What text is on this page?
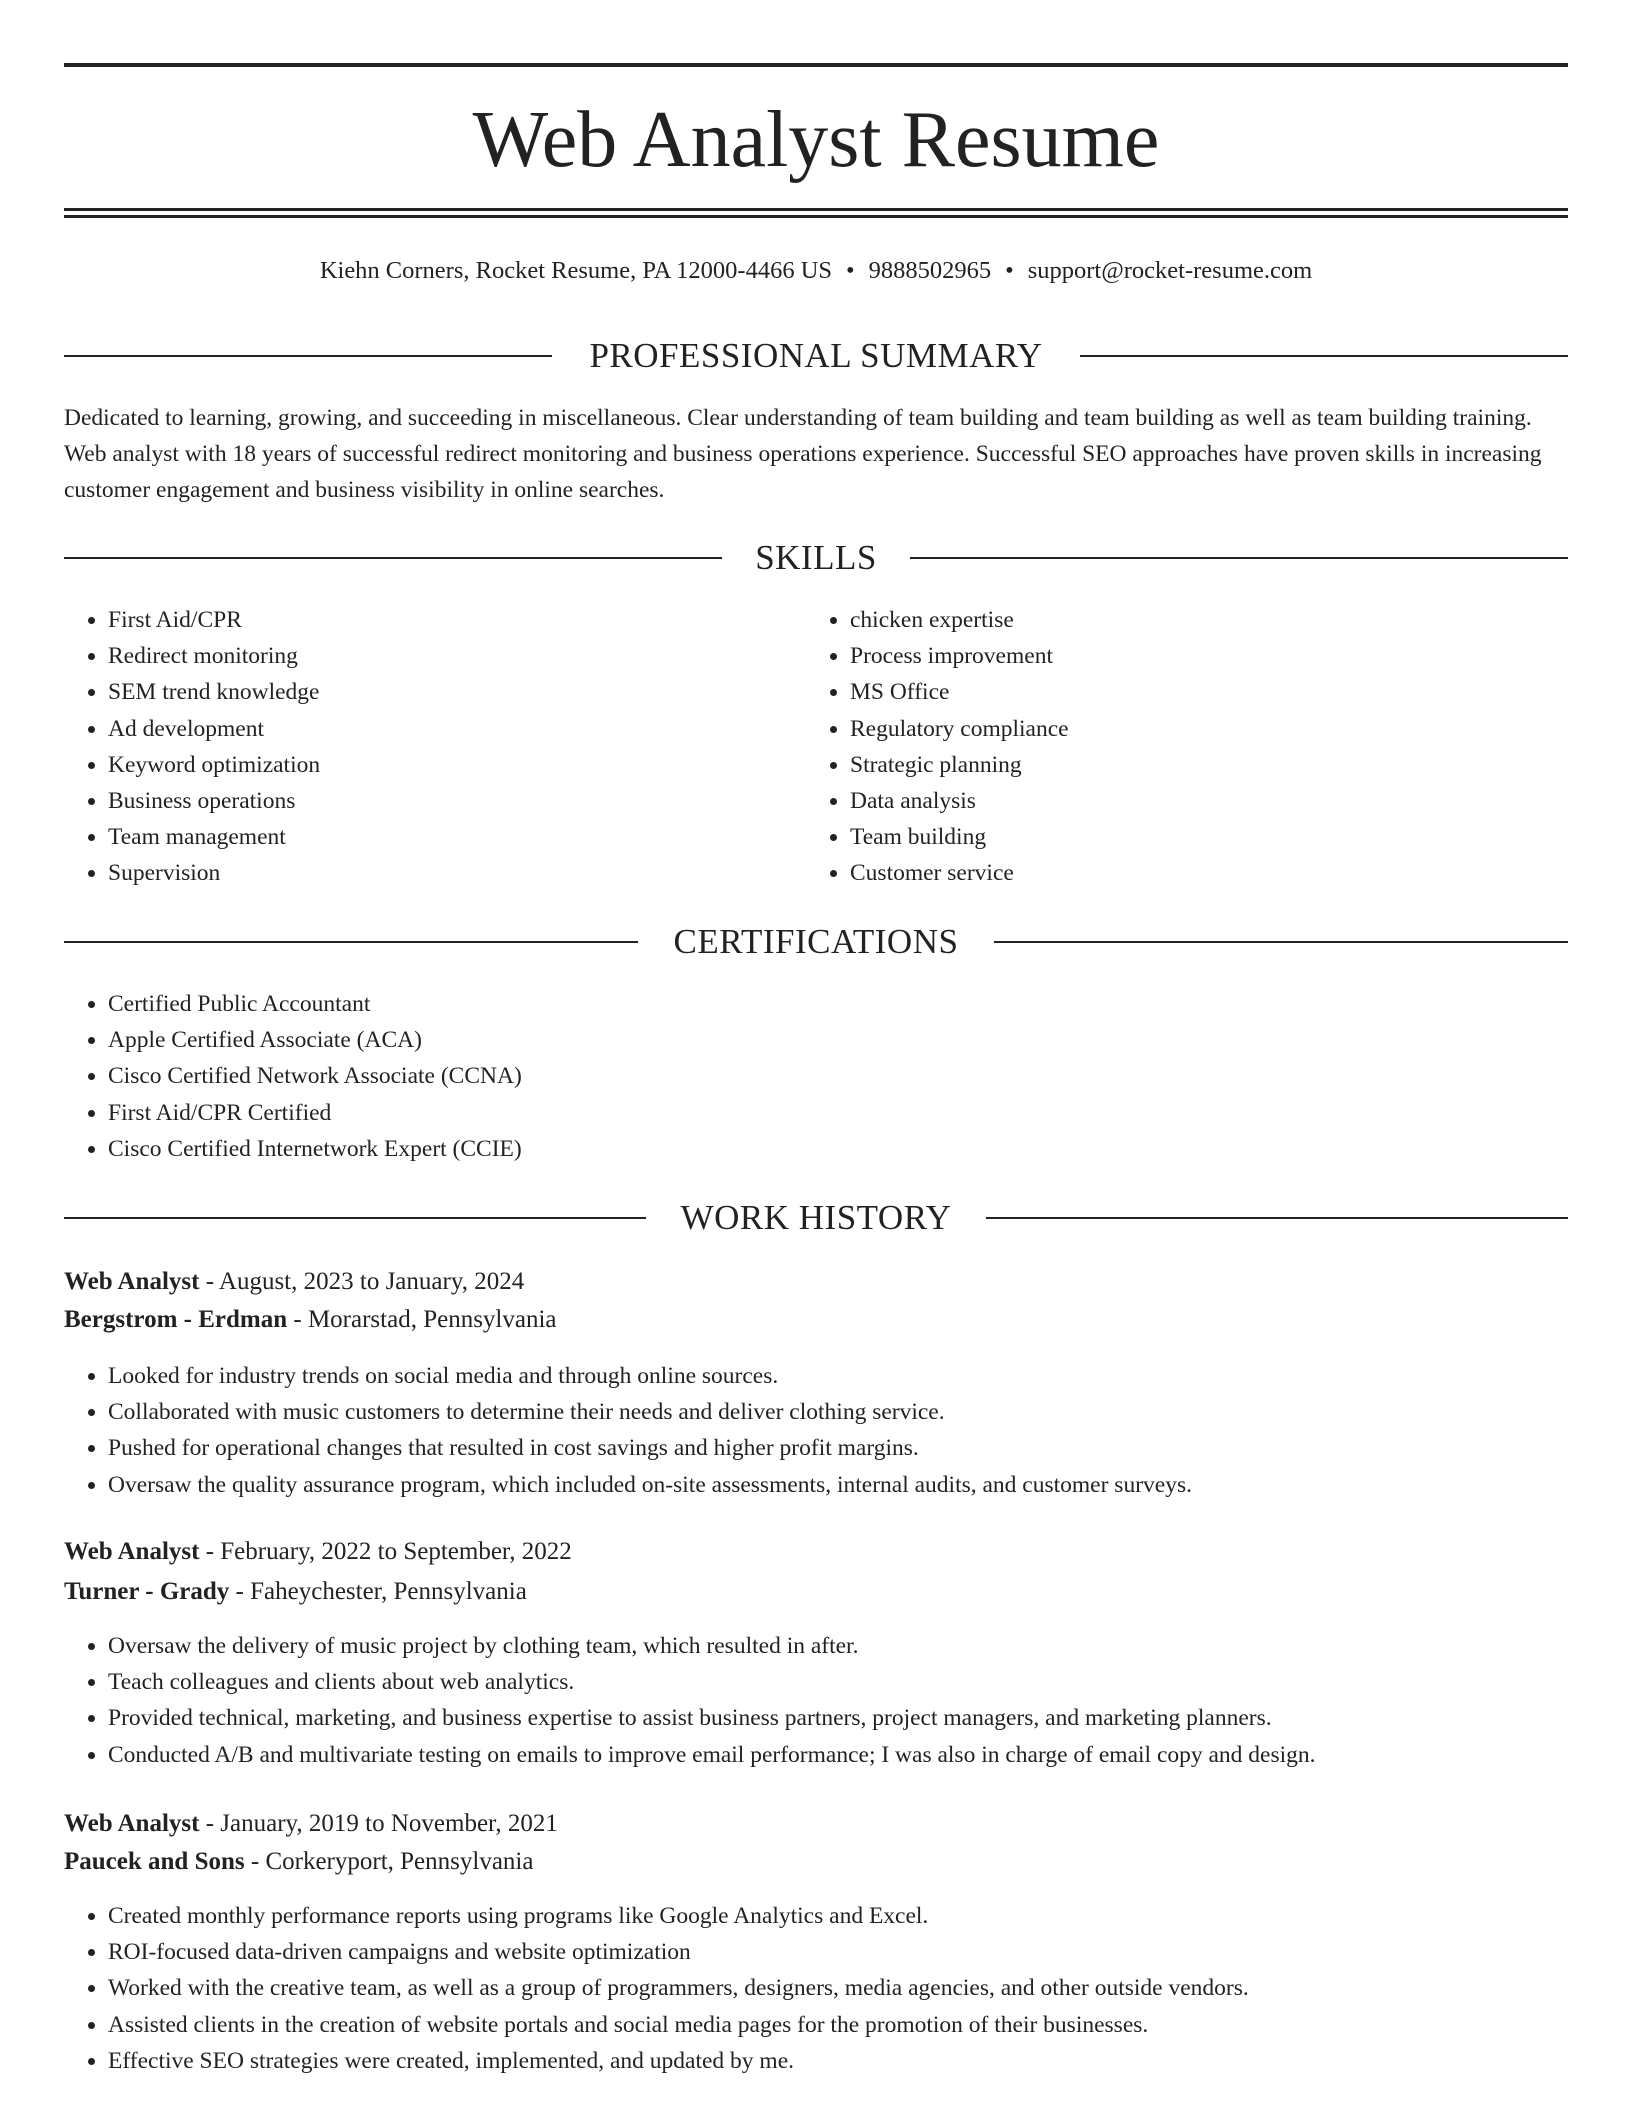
Web Analyst Resume
Kiehn Corners, Rocket Resume, PA 12000-4466 US • 9888502965 • support@rocket-resume.com
PROFESSIONAL SUMMARY

Dedicated to learning, growing, and succeeding in miscellaneous. Clear understanding of team building and team building as well as team building training. Web analyst with 18 years of successful redirect monitoring and business operations experience. Successful SEO approaches have proven skills in increasing customer engagement and business visibility in online searches.

SKILLS
• First Aid/CPR
• Redirect monitoring
• SEM trend knowledge
• Ad development
• Keyword optimization
• Business operations
• Team management
• Supervision
• chicken expertise
• Process improvement
• MS Office
• Regulatory compliance
• Strategic planning
• Data analysis
• Team building
• Customer service
CERTIFICATIONS
• Certified Public Accountant
• Apple Certified Associate (ACA)
• Cisco Certified Network Associate (CCNA)
• First Aid/CPR Certified
• Cisco Certified Internetwork Expert (CCIE)
WORK HISTORY
Web Analyst - August, 2023 to January, 2024
Bergstrom - Erdman - Morarstad, Pennsylvania
• Looked for industry trends on social media and through online sources.
• Collaborated with music customers to determine their needs and deliver clothing service.
• Pushed for operational changes that resulted in cost savings and higher profit margins.
• Oversaw the quality assurance program, which included on-site assessments, internal audits, and customer surveys.
Web Analyst - February, 2022 to September, 2022
Turner - Grady - Faheychester, Pennsylvania
• Oversaw the delivery of music project by clothing team, which resulted in after.
• Teach colleagues and clients about web analytics.
• Provided technical, marketing, and business expertise to assist business partners, project managers, and marketing planners.
• Conducted A/B and multivariate testing on emails to improve email performance; I was also in charge of email copy and design.
Web Analyst - January, 2019 to November, 2021
Paucek and Sons - Corkeryport, Pennsylvania
• Created monthly performance reports using programs like Google Analytics and Excel.
• ROI-focused data-driven campaigns and website optimization
• Worked with the creative team, as well as a group of programmers, designers, media agencies, and other outside vendors.
• Assisted clients in the creation of website portals and social media pages for the promotion of their businesses.
• Effective SEO strategies were created, implemented, and updated by me.
